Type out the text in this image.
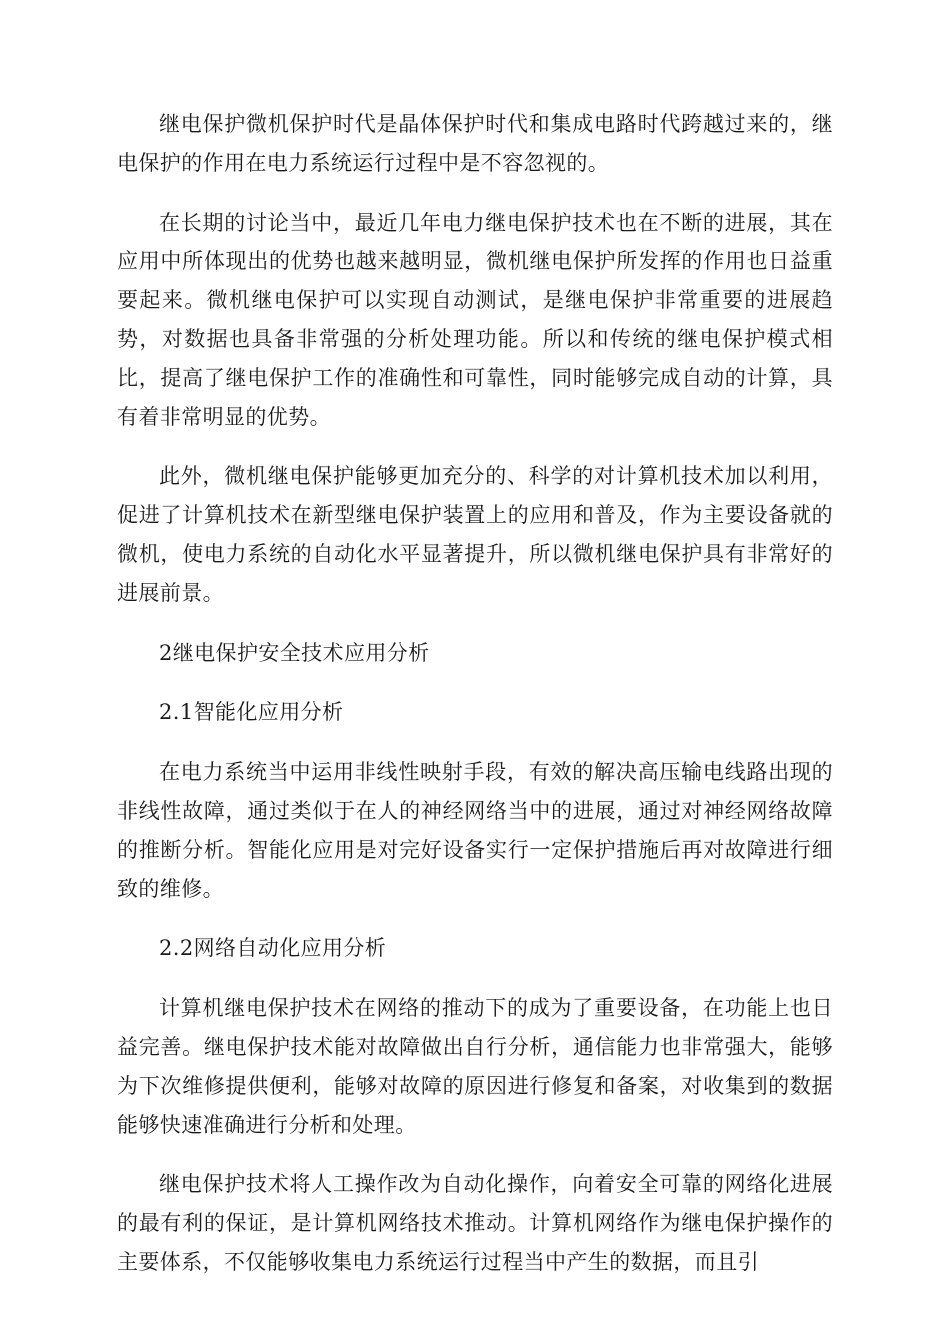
继电保护微机保护时代是晶体保护时代和集成电路时代跨越过来的，继电保护的作用在电力系统运行过程中是不容忽视的。

在长期的讨论当中，最近几年电力继电保护技术也在不断的进展，其在应用中所体现出的优势也越来越明显，微机继电保护所发挥的作用也日益重要起来。微机继电保护可以实现自动测试，是继电保护非常重要的进展趋势，对数据也具备非常强的分析处理功能。所以和传统的继电保护模式相比，提高了继电保护工作的准确性和可靠性，同时能够完成自动的计算，具有着非常明显的优势。

此外，微机继电保护能够更加充分的、科学的对计算机技术加以利用，促进了计算机技术在新型继电保护装置上的应用和普及，作为主要设备就的微机，使电力系统的自动化水平显著提升，所以微机继电保护具有非常好的进展前景。

2继电保护安全技术应用分析

2.1智能化应用分析

在电力系统当中运用非线性映射手段，有效的解决高压输电线路出现的非线性故障，通过类似于在人的神经网络当中的进展，通过对神经网络故障的推断分析。智能化应用是对完好设备实行一定保护措施后再对故障进行细致的维修。

2.2网络自动化应用分析

计算机继电保护技术在网络的推动下的成为了重要设备，在功能上也日益完善。继电保护技术能对故障做出自行分析，通信能力也非常强大，能够为下次维修提供便利，能够对故障的原因进行修复和备案，对收集到的数据能够快速准确进行分析和处理。

继电保护技术将人工操作改为自动化操作，向着安全可靠的网络化进展的最有利的保证，是计算机网络技术推动。计算机网络作为继电保护操作的主要体系，不仅能够收集电力系统运行过程当中产生的数据，而且引
